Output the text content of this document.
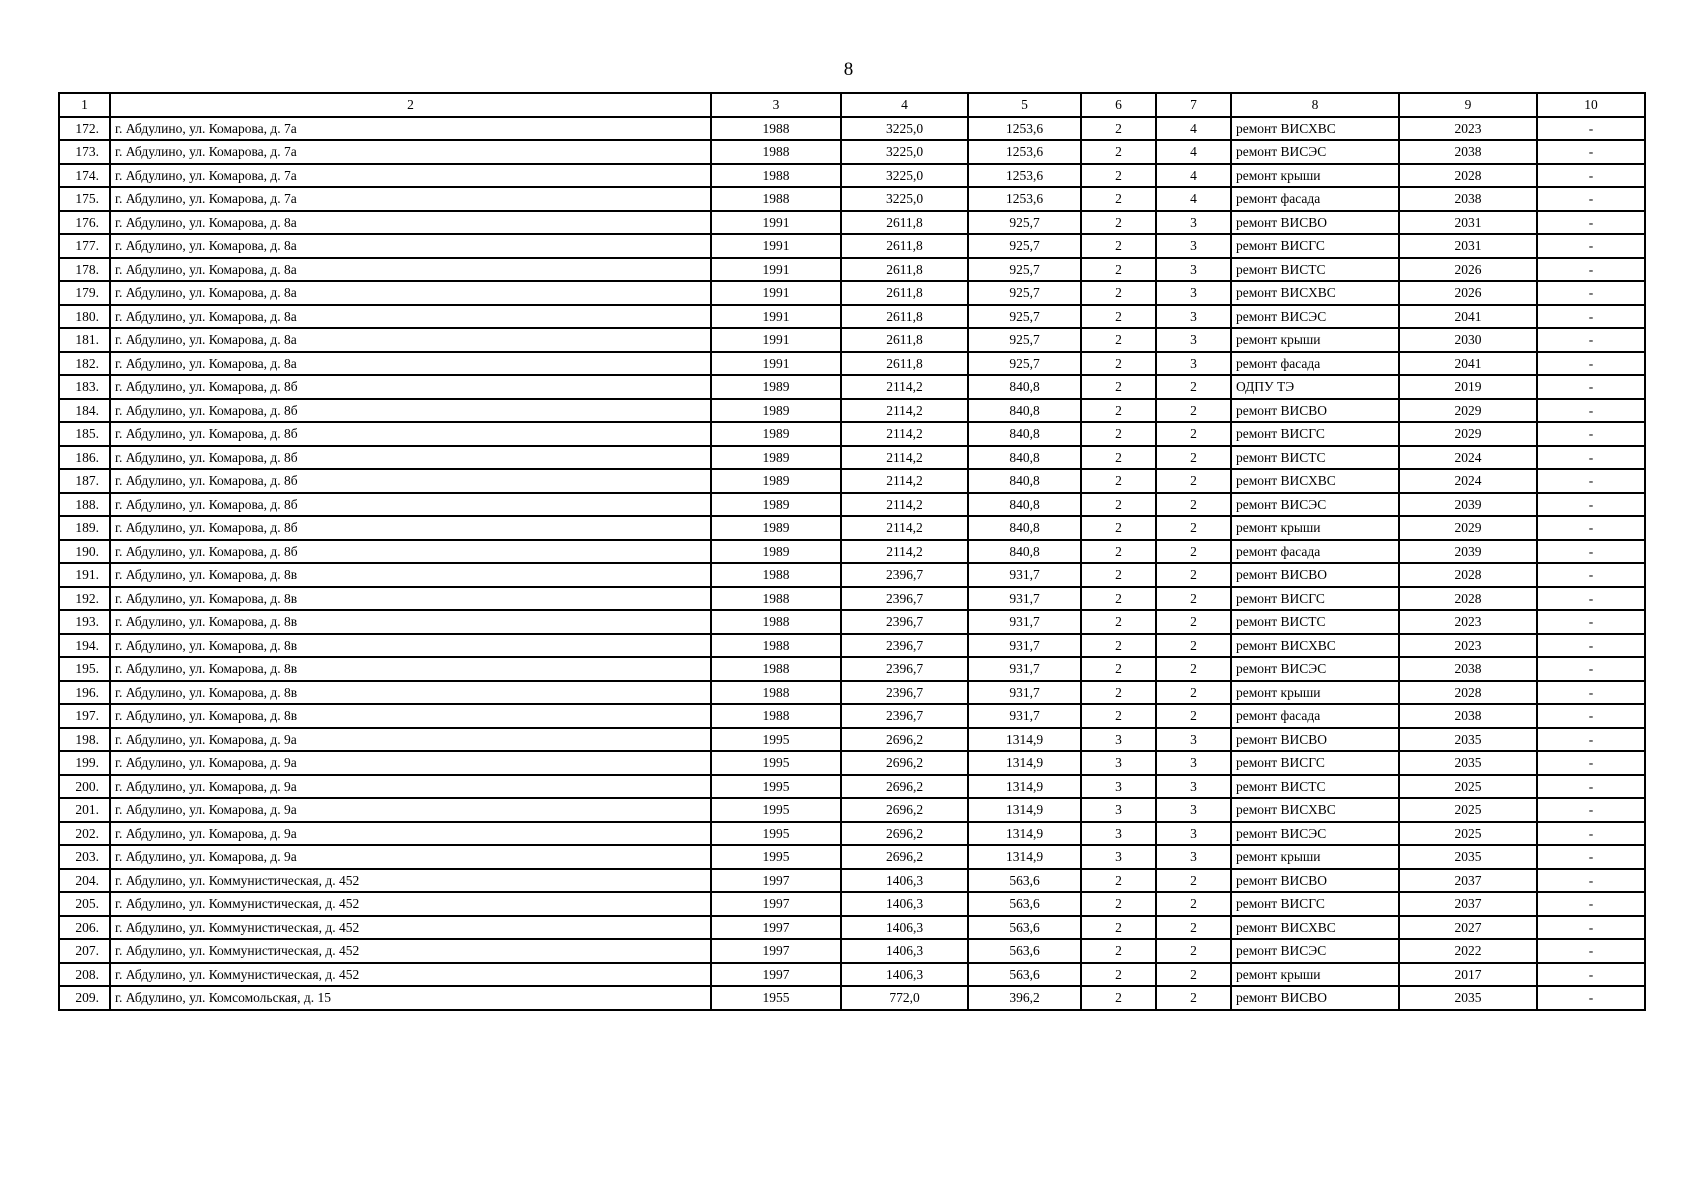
8
1	2	3	4	5	6	7	8	9	10
172.	г. Абдулино, ул. Комарова, д. 7а	1988	3225,0	1253,6	2	4	ремонт ВИСХВС	2023	-
173.	г. Абдулино, ул. Комарова, д. 7а	1988	3225,0	1253,6	2	4	ремонт ВИСЭС	2038	-
174.	г. Абдулино, ул. Комарова, д. 7а	1988	3225,0	1253,6	2	4	ремонт крыши	2028	-
175.	г. Абдулино, ул. Комарова, д. 7а	1988	3225,0	1253,6	2	4	ремонт фасада	2038	-
176.	г. Абдулино, ул. Комарова, д. 8а	1991	2611,8	925,7	2	3	ремонт ВИСВО	2031	-
177.	г. Абдулино, ул. Комарова, д. 8а	1991	2611,8	925,7	2	3	ремонт ВИСГС	2031	-
178.	г. Абдулино, ул. Комарова, д. 8а	1991	2611,8	925,7	2	3	ремонт ВИСТС	2026	-
179.	г. Абдулино, ул. Комарова, д. 8а	1991	2611,8	925,7	2	3	ремонт ВИСХВС	2026	-
180.	г. Абдулино, ул. Комарова, д. 8а	1991	2611,8	925,7	2	3	ремонт ВИСЭС	2041	-
181.	г. Абдулино, ул. Комарова, д. 8а	1991	2611,8	925,7	2	3	ремонт крыши	2030	-
182.	г. Абдулино, ул. Комарова, д. 8а	1991	2611,8	925,7	2	3	ремонт фасада	2041	-
183.	г. Абдулино, ул. Комарова, д. 8б	1989	2114,2	840,8	2	2	ОДПУ ТЭ	2019	-
184.	г. Абдулино, ул. Комарова, д. 8б	1989	2114,2	840,8	2	2	ремонт ВИСВО	2029	-
185.	г. Абдулино, ул. Комарова, д. 8б	1989	2114,2	840,8	2	2	ремонт ВИСГС	2029	-
186.	г. Абдулино, ул. Комарова, д. 8б	1989	2114,2	840,8	2	2	ремонт ВИСТС	2024	-
187.	г. Абдулино, ул. Комарова, д. 8б	1989	2114,2	840,8	2	2	ремонт ВИСХВС	2024	-
188.	г. Абдулино, ул. Комарова, д. 8б	1989	2114,2	840,8	2	2	ремонт ВИСЭС	2039	-
189.	г. Абдулино, ул. Комарова, д. 8б	1989	2114,2	840,8	2	2	ремонт крыши	2029	-
190.	г. Абдулино, ул. Комарова, д. 8б	1989	2114,2	840,8	2	2	ремонт фасада	2039	-
191.	г. Абдулино, ул. Комарова, д. 8в	1988	2396,7	931,7	2	2	ремонт ВИСВО	2028	-
192.	г. Абдулино, ул. Комарова, д. 8в	1988	2396,7	931,7	2	2	ремонт ВИСГС	2028	-
193.	г. Абдулино, ул. Комарова, д. 8в	1988	2396,7	931,7	2	2	ремонт ВИСТС	2023	-
194.	г. Абдулино, ул. Комарова, д. 8в	1988	2396,7	931,7	2	2	ремонт ВИСХВС	2023	-
195.	г. Абдулино, ул. Комарова, д. 8в	1988	2396,7	931,7	2	2	ремонт ВИСЭС	2038	-
196.	г. Абдулино, ул. Комарова, д. 8в	1988	2396,7	931,7	2	2	ремонт крыши	2028	-
197.	г. Абдулино, ул. Комарова, д. 8в	1988	2396,7	931,7	2	2	ремонт фасада	2038	-
198.	г. Абдулино, ул. Комарова, д. 9а	1995	2696,2	1314,9	3	3	ремонт ВИСВО	2035	-
199.	г. Абдулино, ул. Комарова, д. 9а	1995	2696,2	1314,9	3	3	ремонт ВИСГС	2035	-
200.	г. Абдулино, ул. Комарова, д. 9а	1995	2696,2	1314,9	3	3	ремонт ВИСТС	2025	-
201.	г. Абдулино, ул. Комарова, д. 9а	1995	2696,2	1314,9	3	3	ремонт ВИСХВС	2025	-
202.	г. Абдулино, ул. Комарова, д. 9а	1995	2696,2	1314,9	3	3	ремонт ВИСЭС	2025	-
203.	г. Абдулино, ул. Комарова, д. 9а	1995	2696,2	1314,9	3	3	ремонт крыши	2035	-
204.	г. Абдулино, ул. Коммунистическая, д. 452	1997	1406,3	563,6	2	2	ремонт ВИСВО	2037	-
205.	г. Абдулино, ул. Коммунистическая, д. 452	1997	1406,3	563,6	2	2	ремонт ВИСГС	2037	-
206.	г. Абдулино, ул. Коммунистическая, д. 452	1997	1406,3	563,6	2	2	ремонт ВИСХВС	2027	-
207.	г. Абдулино, ул. Коммунистическая, д. 452	1997	1406,3	563,6	2	2	ремонт ВИСЭС	2022	-
208.	г. Абдулино, ул. Коммунистическая, д. 452	1997	1406,3	563,6	2	2	ремонт крыши	2017	-
209.	г. Абдулино, ул. Комсомольская, д. 15	1955	772,0	396,2	2	2	ремонт ВИСВО	2035	-
